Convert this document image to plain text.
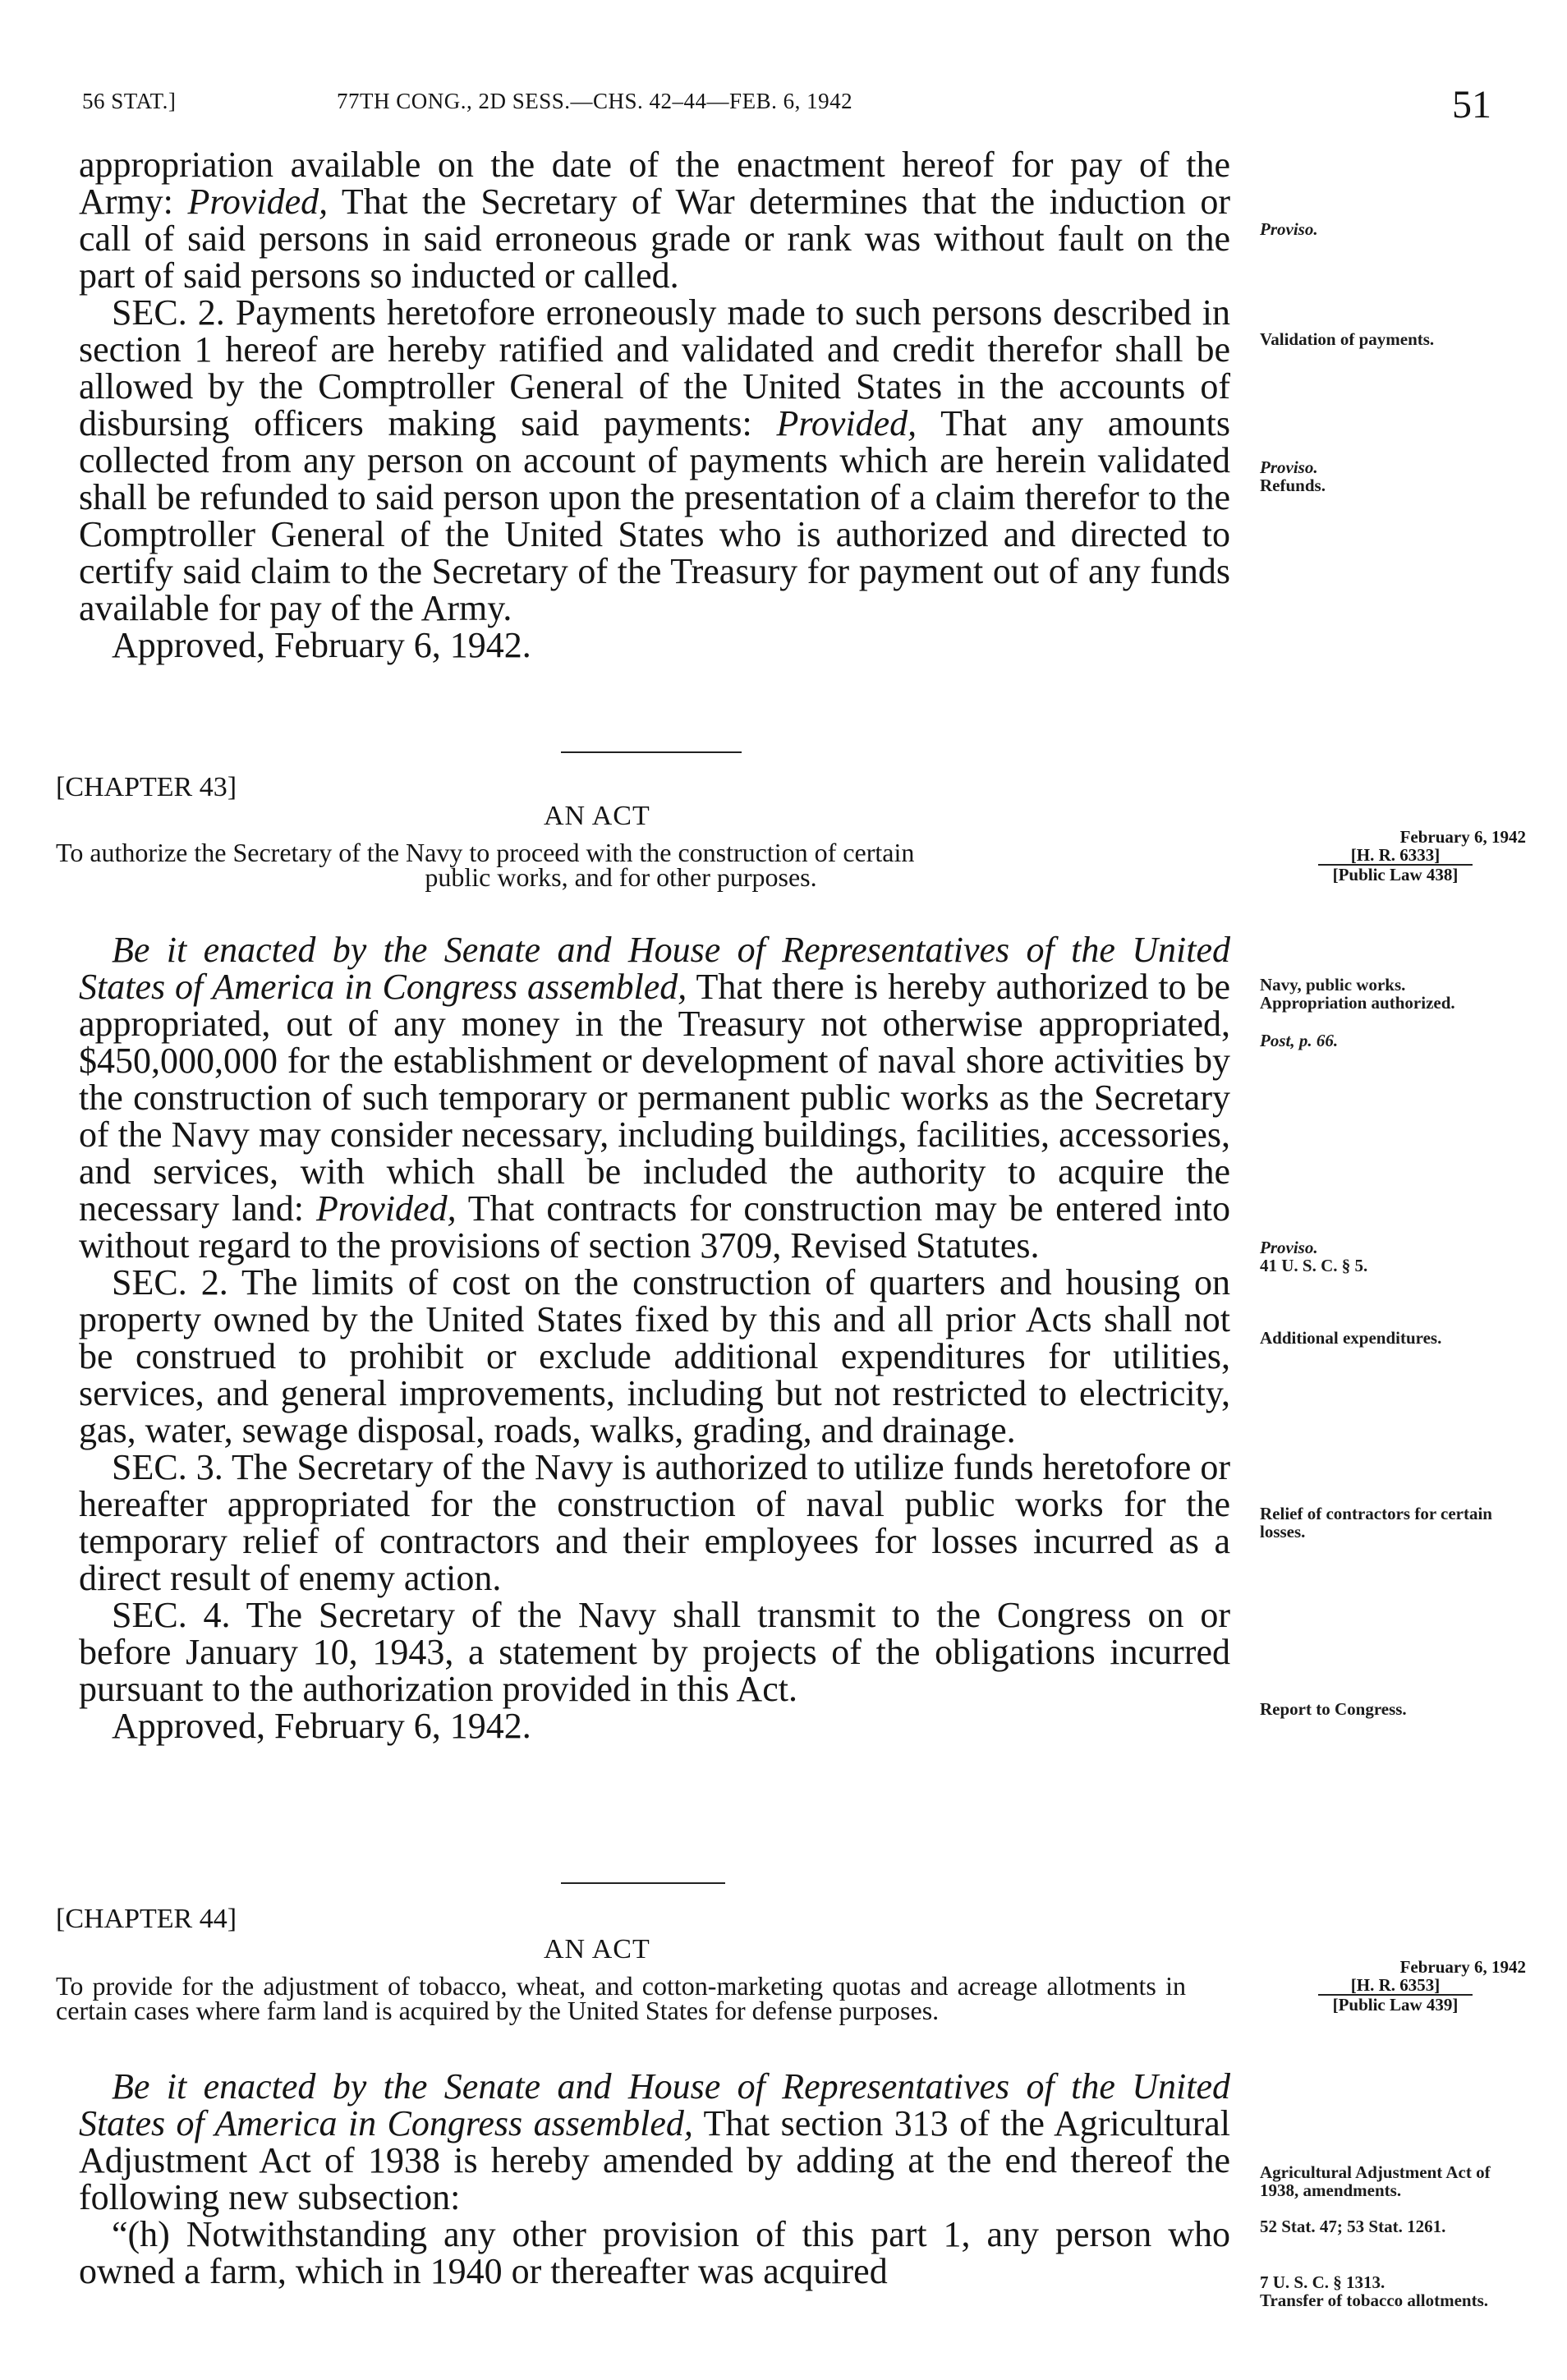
56 STAT.]	77TH CONG., 2D SESS.—CHS. 42–44—FEB. 6, 1942	51

appropriation available on the date of the enactment hereof for pay of the Army: Provided, That the Secretary of War determines that the induction or call of said persons in said erroneous grade or rank was without fault on the part of said persons so inducted or called.

SEC. 2. Payments heretofore erroneously made to such persons described in section 1 hereof are hereby ratified and validated and credit therefor shall be allowed by the Comptroller General of the United States in the accounts of disbursing officers making said payments: Provided, That any amounts collected from any person on account of payments which are herein validated shall be refunded to said person upon the presentation of a claim therefor to the Comptroller General of the United States who is authorized and directed to certify said claim to the Secretary of the Treasury for payment out of any funds available for pay of the Army.

Approved, February 6, 1942.

Proviso.
Validation of payments.
Proviso.
Refunds.
[CHAPTER 43]
AN ACT
To authorize the Secretary of the Navy to proceed with the construction of certain
public works, and for other purposes.
February 6, 1942
[H. R. 6333]
[Public Law 438]

Be it enacted by the Senate and House of Representatives of the United States of America in Congress assembled, That there is hereby authorized to be appropriated, out of any money in the Treasury not otherwise appropriated, $450,000,000 for the establishment or development of naval shore activities by the construction of such temporary or permanent public works as the Secretary of the Navy may consider necessary, including buildings, facilities, accessories, and services, with which shall be included the authority to acquire the necessary land: Provided, That contracts for construction may be entered into without regard to the provisions of section 3709, Revised Statutes.

SEC. 2. The limits of cost on the construction of quarters and housing on property owned by the United States fixed by this and all prior Acts shall not be construed to prohibit or exclude additional expenditures for utilities, services, and general improvements, including but not restricted to electricity, gas, water, sewage disposal, roads, walks, grading, and drainage.

SEC. 3. The Secretary of the Navy is authorized to utilize funds heretofore or hereafter appropriated for the construction of naval public works for the temporary relief of contractors and their employees for losses incurred as a direct result of enemy action.

SEC. 4. The Secretary of the Navy shall transmit to the Congress on or before January 10, 1943, a statement by projects of the obligations incurred pursuant to the authorization provided in this Act.

Approved, February 6, 1942.

Navy, public works.
Appropriation authorized.
Post, p. 66.
Proviso.
41 U. S. C. § 5.
Additional expenditures.
Relief of contractors for certain losses.
Report to Congress.
[CHAPTER 44]
AN ACT
To provide for the adjustment of tobacco, wheat, and cotton-marketing quotas and acreage allotments in certain cases where farm land is acquired by the United States for defense purposes.
February 6, 1942
[H. R. 6353]
[Public Law 439]

Be it enacted by the Senate and House of Representatives of the United States of America in Congress assembled, That section 313 of the Agricultural Adjustment Act of 1938 is hereby amended by adding at the end thereof the following new subsection:

“(h) Notwithstanding any other provision of this part 1, any person who owned a farm, which in 1940 or thereafter was acquired

Agricultural Adjustment Act of 1938, amendments.
52 Stat. 47; 53 Stat. 1261.
7 U. S. C. § 1313.
Transfer of tobacco allotments.
